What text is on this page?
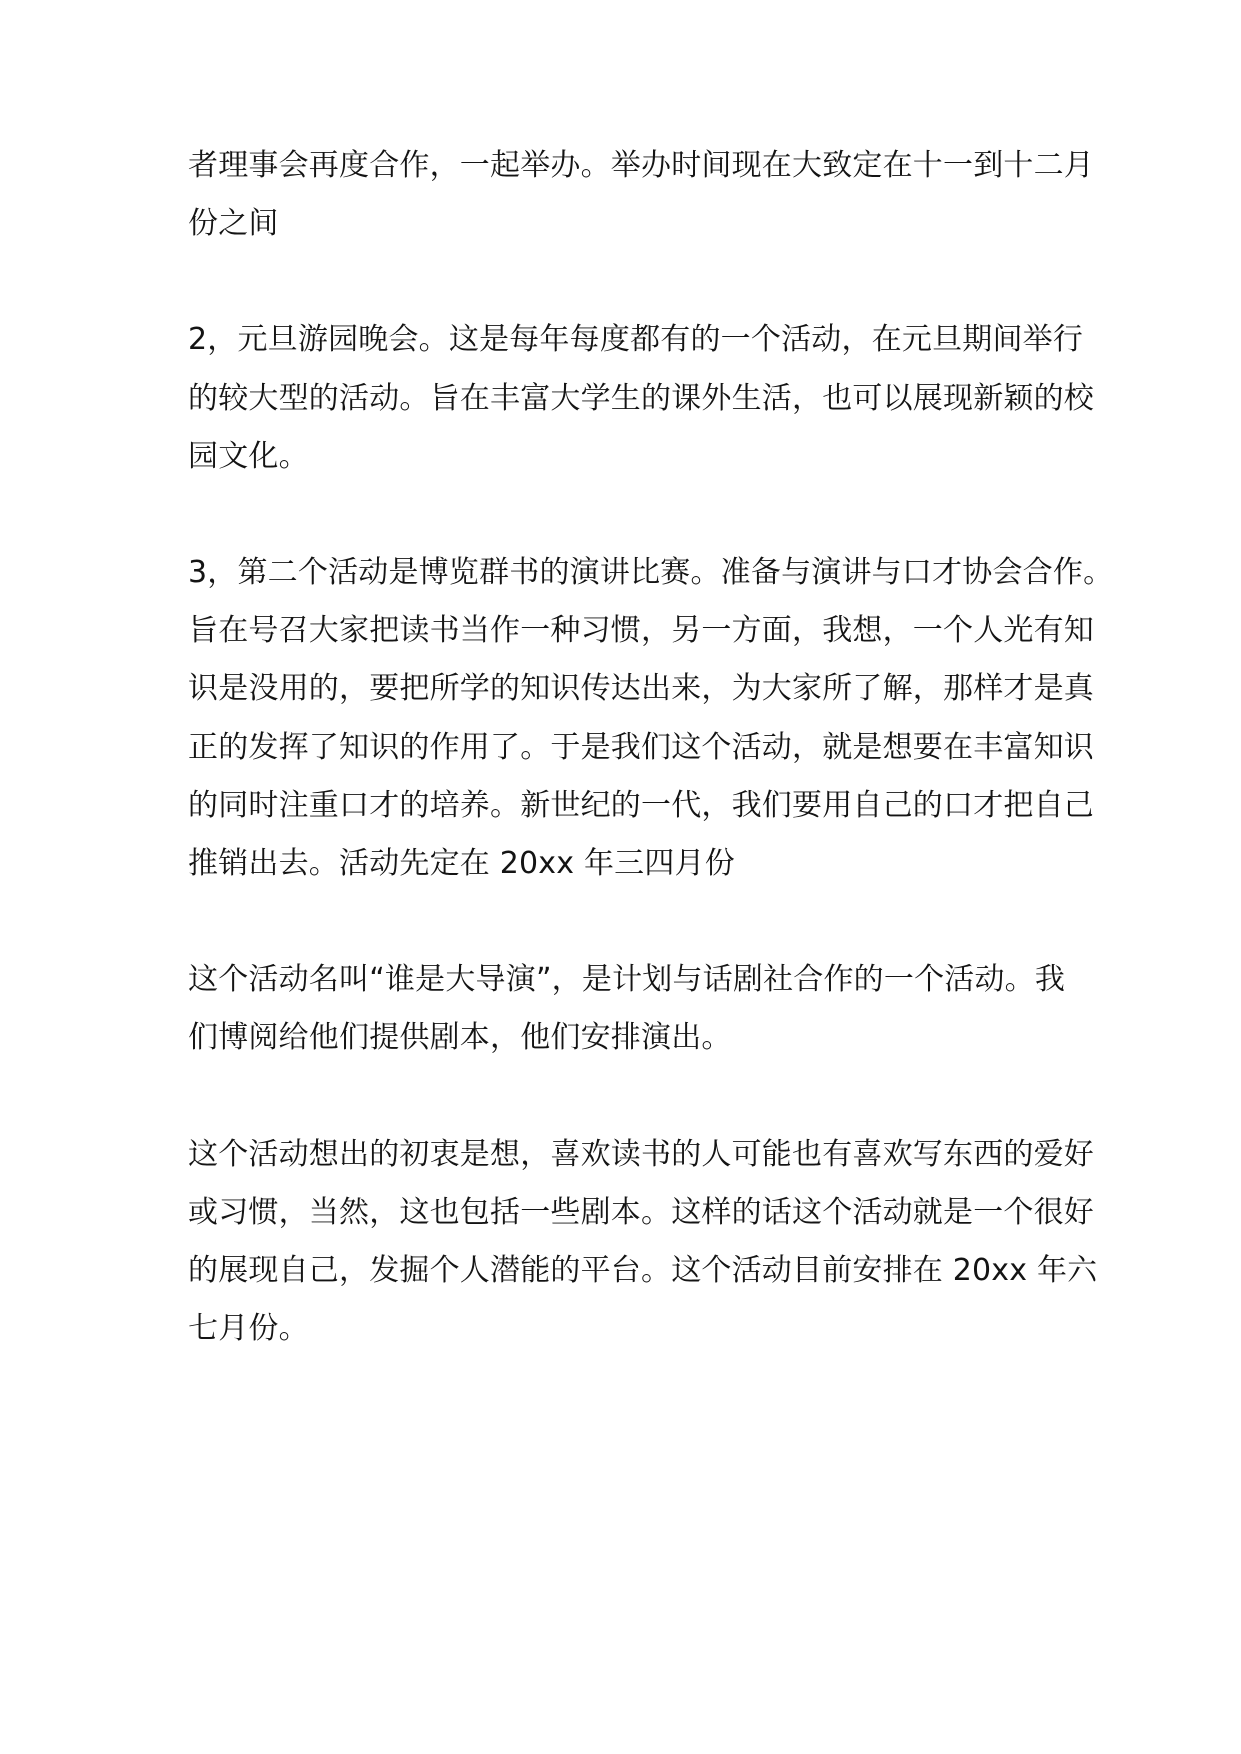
者理事会再度合作，一起举办。举办时间现在大致定在十一到十二月
份之间
2，元旦游园晚会。这是每年每度都有的一个活动，在元旦期间举行
的较大型的活动。旨在丰富大学生的课外生活，也可以展现新颖的校
园文化。
3，第二个活动是博览群书的演讲比赛。准备与演讲与口才协会合作。
旨在号召大家把读书当作一种习惯，另一方面，我想，一个人光有知
识是没用的，要把所学的知识传达出来，为大家所了解，那样才是真
正的发挥了知识的作用了。于是我们这个活动，就是想要在丰富知识
的同时注重口才的培养。新世纪的一代，我们要用自己的口才把自己
推销出去。活动先定在 20xx 年三四月份
这个活动名叫“谁是大导演”，是计划与话剧社合作的一个活动。我
们博阅给他们提供剧本，他们安排演出。
这个活动想出的初衷是想，喜欢读书的人可能也有喜欢写东西的爱好
或习惯，当然，这也包括一些剧本。这样的话这个活动就是一个很好
的展现自己，发掘个人潜能的平台。这个活动目前安排在 20xx 年六
七月份。
